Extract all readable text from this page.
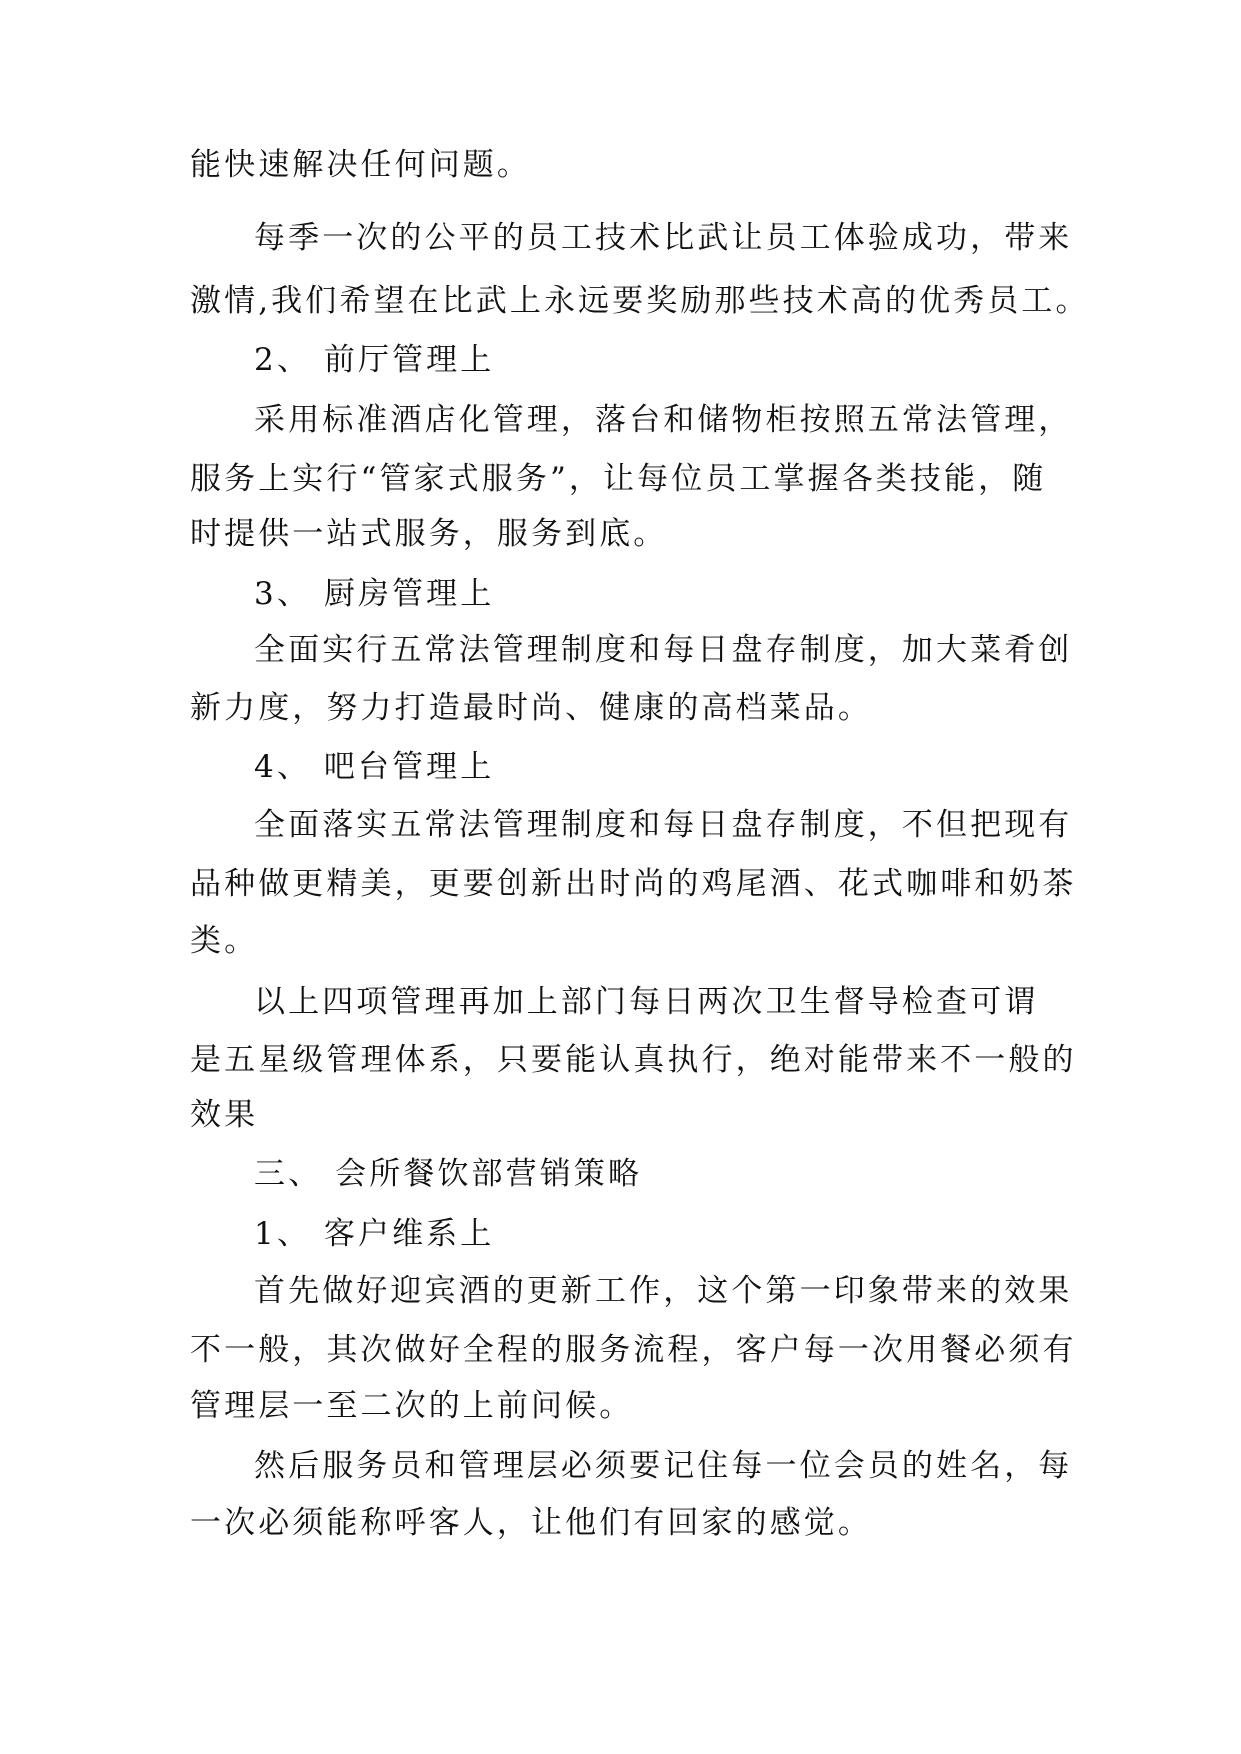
能快速解决任何问题。
每季一次的公平的员工技术比武让员工体验成功，带来
激情,我们希望在比武上永远要奖励那些技术高的优秀员工。
2、 前厅管理上
采用标准酒店化管理，落台和储物柜按照五常法管理，
服务上实行“管家式服务”，让每位员工掌握各类技能，随
时提供一站式服务，服务到底。
3、 厨房管理上
全面实行五常法管理制度和每日盘存制度，加大菜肴创
新力度，努力打造最时尚、健康的高档菜品。
4、 吧台管理上
全面落实五常法管理制度和每日盘存制度，不但把现有
品种做更精美，更要创新出时尚的鸡尾酒、花式咖啡和奶茶
类。
以上四项管理再加上部门每日两次卫生督导检查可谓
是五星级管理体系，只要能认真执行，绝对能带来不一般的
效果
三、 会所餐饮部营销策略
1、 客户维系上
首先做好迎宾酒的更新工作，这个第一印象带来的效果
不一般，其次做好全程的服务流程，客户每一次用餐必须有
管理层一至二次的上前问候。
然后服务员和管理层必须要记住每一位会员的姓名，每
一次必须能称呼客人，让他们有回家的感觉。
